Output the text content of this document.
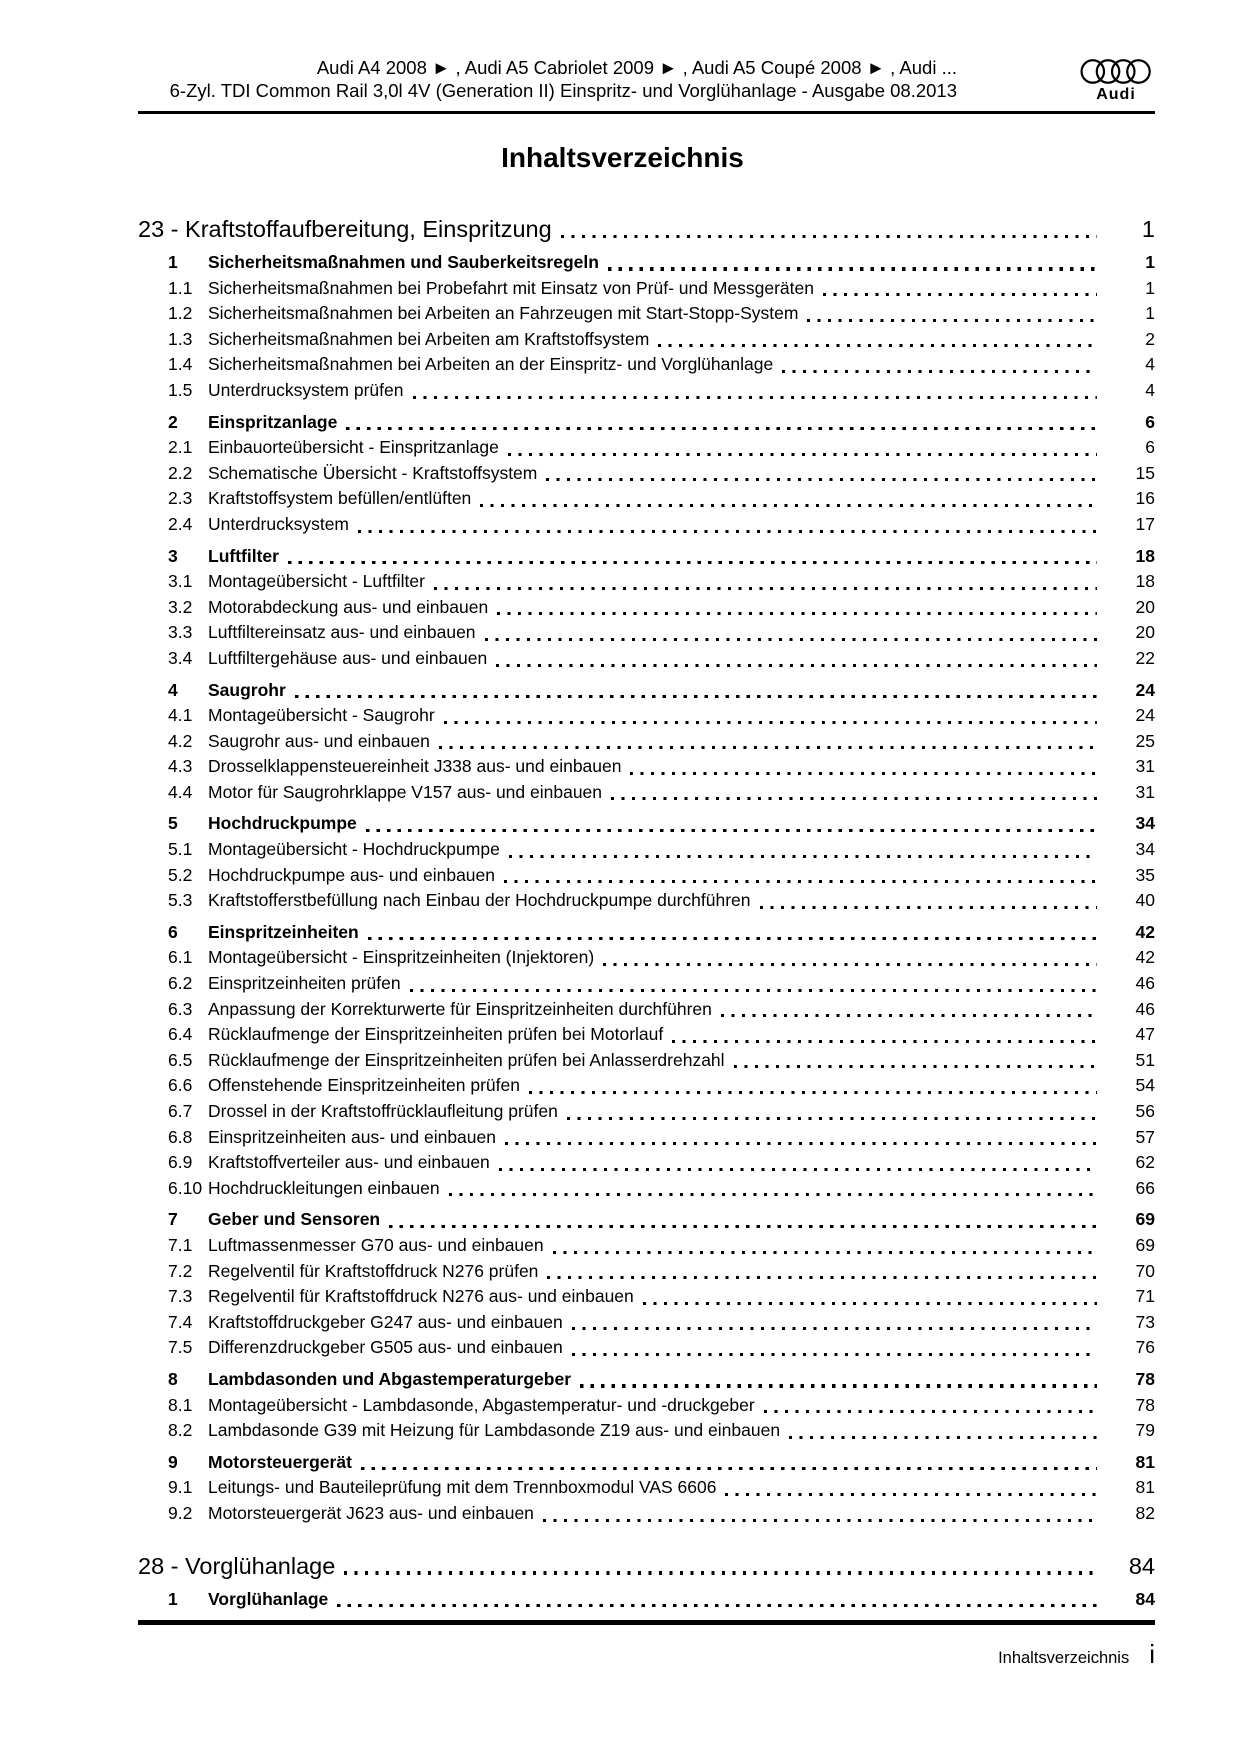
Audi A4 2008 ► , Audi A5 Cabriolet 2009 ► , Audi A5 Coupé 2008 ► , Audi ...
6-Zyl. TDI Common Rail 3,0l 4V (Generation II) Einspritz- und Vorglühanlage - Ausgabe 08.2013	Audi
Inhaltsverzeichnis
23 - Kraftstoffaufbereitung, Einspritzung	1
1	Sicherheitsmaßnahmen und Sauberkeitsregeln	1
1.1 Sicherheitsmaßnahmen bei Probefahrt mit Einsatz von Prüf- und Messgeräten	1
1.2 Sicherheitsmaßnahmen bei Arbeiten an Fahrzeugen mit Start-Stopp-System	1
1.3 Sicherheitsmaßnahmen bei Arbeiten am Kraftstoffsystem	2
1.4 Sicherheitsmaßnahmen bei Arbeiten an der Einspritz- und Vorglühanlage	4
1.5 Unterdrucksystem prüfen	4
2	Einspritzanlage	6
2.1 Einbauorteübersicht - Einspritzanlage	6
2.2 Schematische Übersicht - Kraftstoffsystem	15
2.3 Kraftstoffsystem befüllen/entlüften	16
2.4 Unterdrucksystem	17
3	Luftfilter	18
3.1 Montageübersicht - Luftfilter	18
3.2 Motorabdeckung aus- und einbauen	20
3.3 Luftfiltereinsatz aus- und einbauen	20
3.4 Luftfiltergehäuse aus- und einbauen	22
4	Saugrohr	24
4.1 Montageübersicht - Saugrohr	24
4.2 Saugrohr aus- und einbauen	25
4.3 Drosselklappensteuereinheit J338 aus- und einbauen	31
4.4 Motor für Saugrohrklappe V157 aus- und einbauen	31
5	Hochdruckpumpe	34
5.1 Montageübersicht - Hochdruckpumpe	34
5.2 Hochdruckpumpe aus- und einbauen	35
5.3 Kraftstofferstbefüllung nach Einbau der Hochdruckpumpe durchführen	40
6	Einspritzeinheiten	42
6.1 Montageübersicht - Einspritzeinheiten (Injektoren)	42
6.2 Einspritzeinheiten prüfen	46
6.3 Anpassung der Korrekturwerte für Einspritzeinheiten durchführen	46
6.4 Rücklaufmenge der Einspritzeinheiten prüfen bei Motorlauf	47
6.5 Rücklaufmenge der Einspritzeinheiten prüfen bei Anlasserdrehzahl	51
6.6 Offenstehende Einspritzeinheiten prüfen	54
6.7 Drossel in der Kraftstoffrücklaufleitung prüfen	56
6.8 Einspritzeinheiten aus- und einbauen	57
6.9 Kraftstoffverteiler aus- und einbauen	62
6.10 Hochdruckleitungen einbauen	66
7	Geber und Sensoren	69
7.1 Luftmassenmesser G70 aus- und einbauen	69
7.2 Regelventil für Kraftstoffdruck N276 prüfen	70
7.3 Regelventil für Kraftstoffdruck N276 aus- und einbauen	71
7.4 Kraftstoffdruckgeber G247 aus- und einbauen	73
7.5 Differenzdruckgeber G505 aus- und einbauen	76
8	Lambdasonden und Abgastemperaturgeber	78
8.1 Montageübersicht - Lambdasonde, Abgastemperatur- und -druckgeber	78
8.2 Lambdasonde G39 mit Heizung für Lambdasonde Z19 aus- und einbauen	79
9	Motorsteuergerät	81
9.1 Leitungs- und Bauteileprüfung mit dem Trennboxmodul VAS 6606	81
9.2 Motorsteuergerät J623 aus- und einbauen	82
28 - Vorglühanlage	84
1	Vorglühanlage	84
Inhaltsverzeichnis i
